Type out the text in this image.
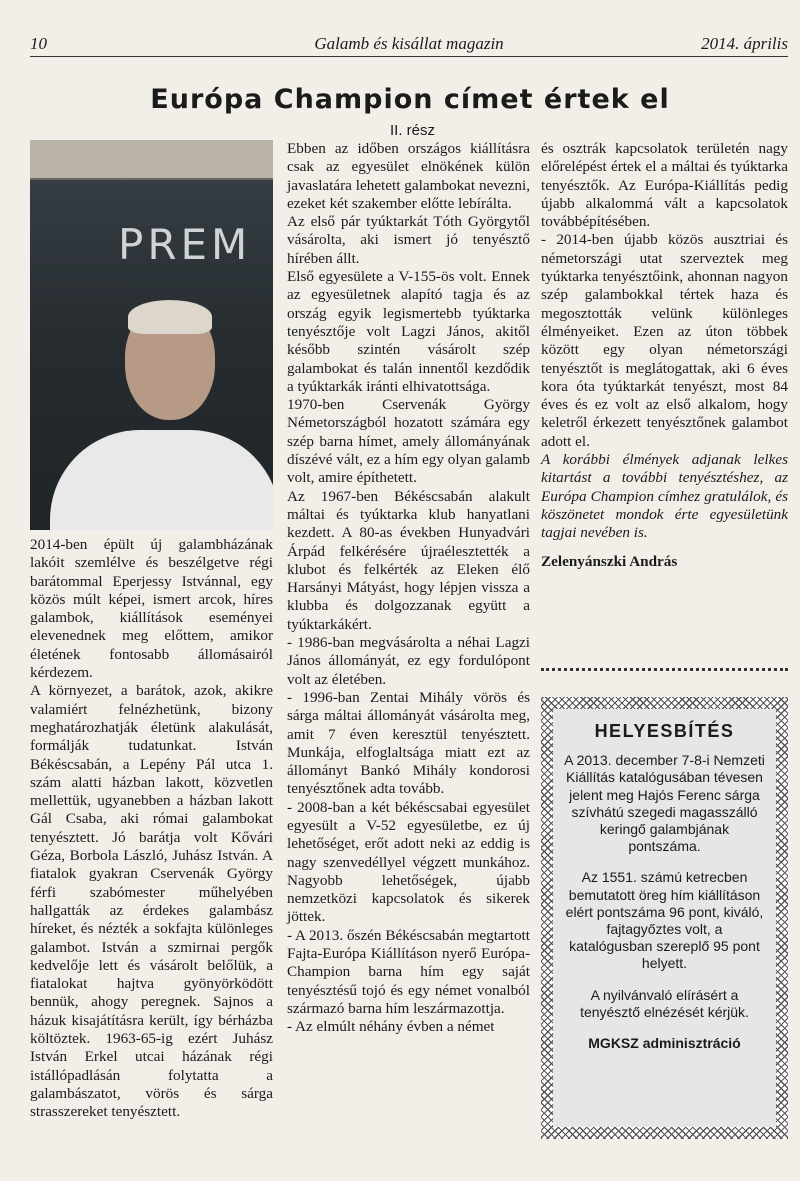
10	Galamb és kisállat magazin	2014. április
Európa Champion címet értek el
II. rész
PREM

2014-ben épült új galambházának lakóit szemlélve és beszélgetve régi barátommal Eperjessy Istvánnal, egy közös múlt képei, ismert arcok, híres galambok, kiállítások eseményei elevenednek meg előttem, amikor életének fontosabb állomásairól kérdezem.

A környezet, a barátok, azok, akikre valamiért felnézhetünk, bizony meghatározhatják életünk alakulását, formálják tudatunkat. István Békéscsabán, a Lepény Pál utca 1. szám alatti házban lakott, közvetlen mellettük, ugyanebben a házban lakott Gál Csaba, aki római galambokat tenyésztett. Jó barátja volt Kővári Géza, Borbola László, Juhász István. A fiatalok gyakran Cservenák György férfi szabómester műhelyében hallgatták az érdekes galambász híreket, és nézték a sokfajta különleges galambot. István a szmirnai pergők kedvelője lett és vásárolt belőlük, a fiatalokat hajtva gyönyörködött bennük, ahogy peregnek. Sajnos a házuk kisajátításra került, így bérházba költöztek. 1963-65-ig ezért Juhász István Erkel utcai házának régi istállópadlásán folytatta a galambászatot, vörös és sárga strasszereket tenyésztett.

Ebben az időben országos kiállításra csak az egyesület elnökének külön javaslatára lehetett galambokat nevezni, ezeket két szakember előtte lebírálta.

Az első pár tyúktarkát Tóth Györgytől vásárolta, aki ismert jó tenyésztő hírében állt.

Első egyesülete a V-155-ös volt. Ennek az egyesületnek alapító tagja és az ország egyik legismertebb tyúktarka tenyésztője volt Lagzi János, akitől később szintén vásárolt szép galambokat és talán innentől kezdődik a tyúktarkák iránti elhivatottsága.

1970-ben Cservenák György Németországból hozatott számára egy szép barna hímet, amely állományának díszévé vált, ez a hím egy olyan galamb volt, amire építhetett.

Az 1967-ben Békéscsabán alakult máltai és tyúktarka klub hanyatlani kezdett. A 80-as években Hunyadvári Árpád felkérésére újraélesztették a klubot és felkérték az Eleken élő Harsányi Mátyást, hogy lépjen vissza a klubba és dolgozzanak együtt a tyúktarkákért.

- 1986-ban megvásárolta a néhai Lagzi János állományát, ez egy fordulópont volt az életében.

- 1996-ban Zentai Mihály vörös és sárga máltai állományát vásárolta meg, amit 7 éven keresztül tenyésztett. Munkája, elfoglaltsága miatt ezt az állományt Bankó Mihály kondorosi tenyésztőnek adta tovább.

- 2008-ban a két békéscsabai egyesület egyesült a V-52 egyesületbe, ez új lehetőséget, erőt adott neki az eddig is nagy szenvedéllyel végzett munkához. Nagyobb lehetőségek, újabb nemzetközi kapcsolatok és sikerek jöttek.

- A 2013. őszén Békéscsabán megtartott Fajta-Európa Kiállításon nyerő Európa-Champion barna hím egy saját tenyésztésű tojó és egy német vonalból származó barna hím leszármazottja.

- Az elmúlt néhány évben a német

és osztrák kapcsolatok területén nagy előrelépést értek el a máltai és tyúktarka tenyésztők. Az Európa-Kiállítás pedig újabb alkalommá vált a kapcsolatok továbbépítésében.

- 2014-ben újabb közös ausztriai és németországi utat szerveztek meg tyúktarka tenyésztőink, ahonnan nagyon szép galambokkal tértek haza és megosztották velünk különleges élményeiket. Ezen az úton többek között egy olyan németországi tenyésztőt is meglátogattak, aki 6 éves kora óta tyúktarkát tenyészt, most 84 éves és ez volt az első alkalom, hogy keletről érkezett tenyésztőnek galambot adott el.

A korábbi élmények adjanak lelkes kitartást a további tenyésztéshez, az Európa Champion címhez gratulálok, és köszönetet mondok érte egyesületünk tagjai nevében is.

Zelenyánszki András

HELYESBÍTÉS

A 2013. december 7-8-i Nemzeti Kiállítás katalógusában tévesen jelent meg Hajós Ferenc sárga szívhátú szegedi magasszálló keringő galambjának pontszáma.

Az 1551. számú ketrecben bemutatott öreg hím kiállításon elért pontszáma 96 pont, kiváló, fajtagyőztes volt, a katalógusban szereplő 95 pont helyett.

A nyilvánvaló elírásért a tenyésztő elnézését kérjük.

MGKSZ adminisztráció
